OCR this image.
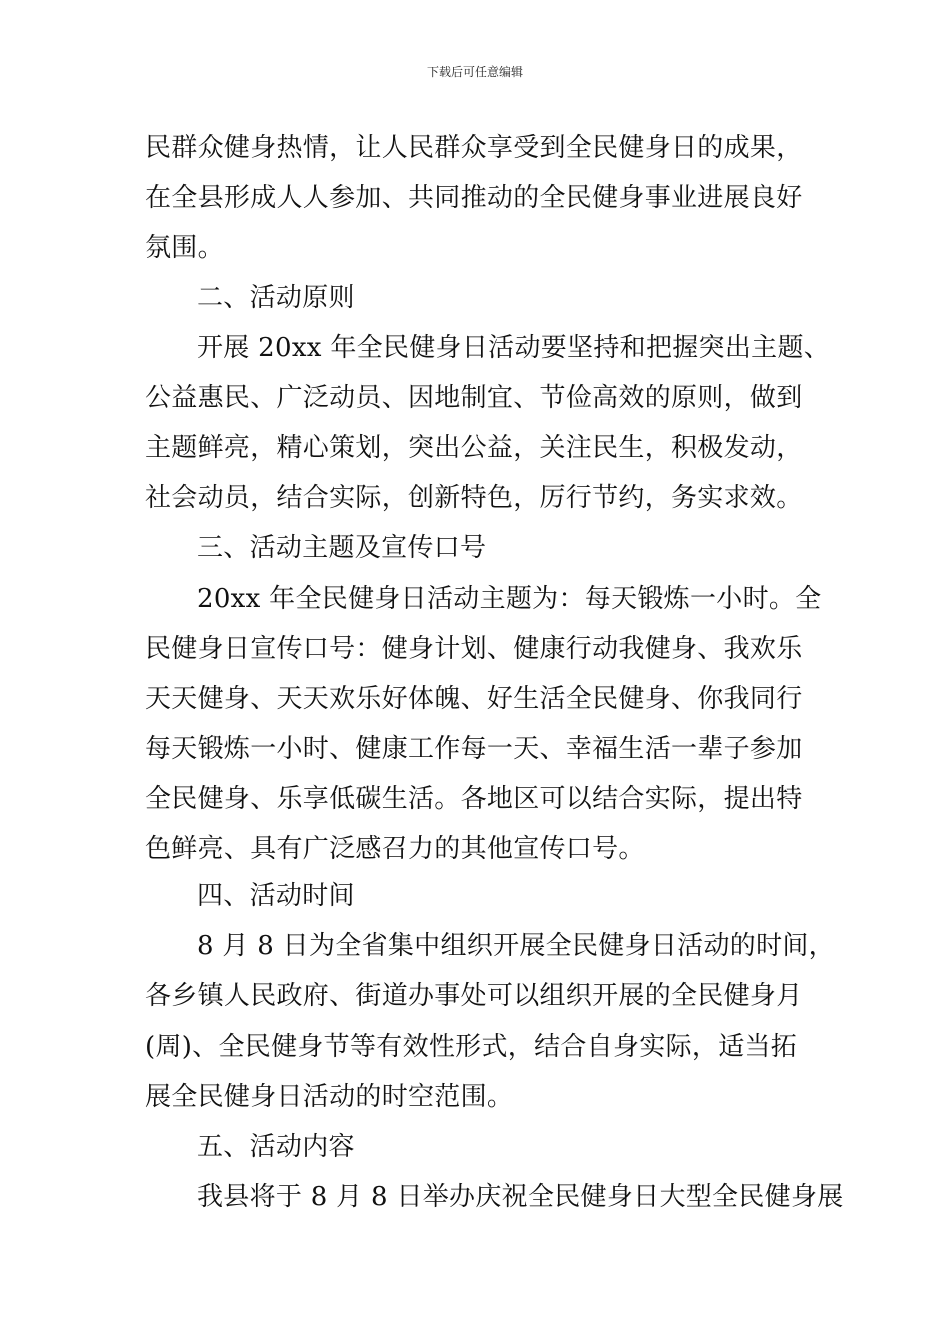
下载后可任意编辑
民群众健身热情，让人民群众享受到全民健身日的成果，
在全县形成人人参加、共同推动的全民健身事业进展良好
氛围。
二、活动原则
开展 20xx 年全民健身日活动要坚持和把握突出主题、
公益惠民、广泛动员、因地制宜、节俭高效的原则，做到
主题鲜亮，精心策划，突出公益，关注民生，积极发动，
社会动员，结合实际，创新特色，厉行节约，务实求效。
三、活动主题及宣传口号
20xx 年全民健身日活动主题为：每天锻炼一小时。全
民健身日宣传口号：健身计划、健康行动我健身、我欢乐
天天健身、天天欢乐好体魄、好生活全民健身、你我同行
每天锻炼一小时、健康工作每一天、幸福生活一辈子参加
全民健身、乐享低碳生活。各地区可以结合实际，提出特
色鲜亮、具有广泛感召力的其他宣传口号。
四、活动时间
8 月 8 日为全省集中组织开展全民健身日活动的时间，
各乡镇人民政府、街道办事处可以组织开展的全民健身月
(周)、全民健身节等有效性形式，结合自身实际，适当拓
展全民健身日活动的时空范围。
五、活动内容
我县将于 8 月 8 日举办庆祝全民健身日大型全民健身展
